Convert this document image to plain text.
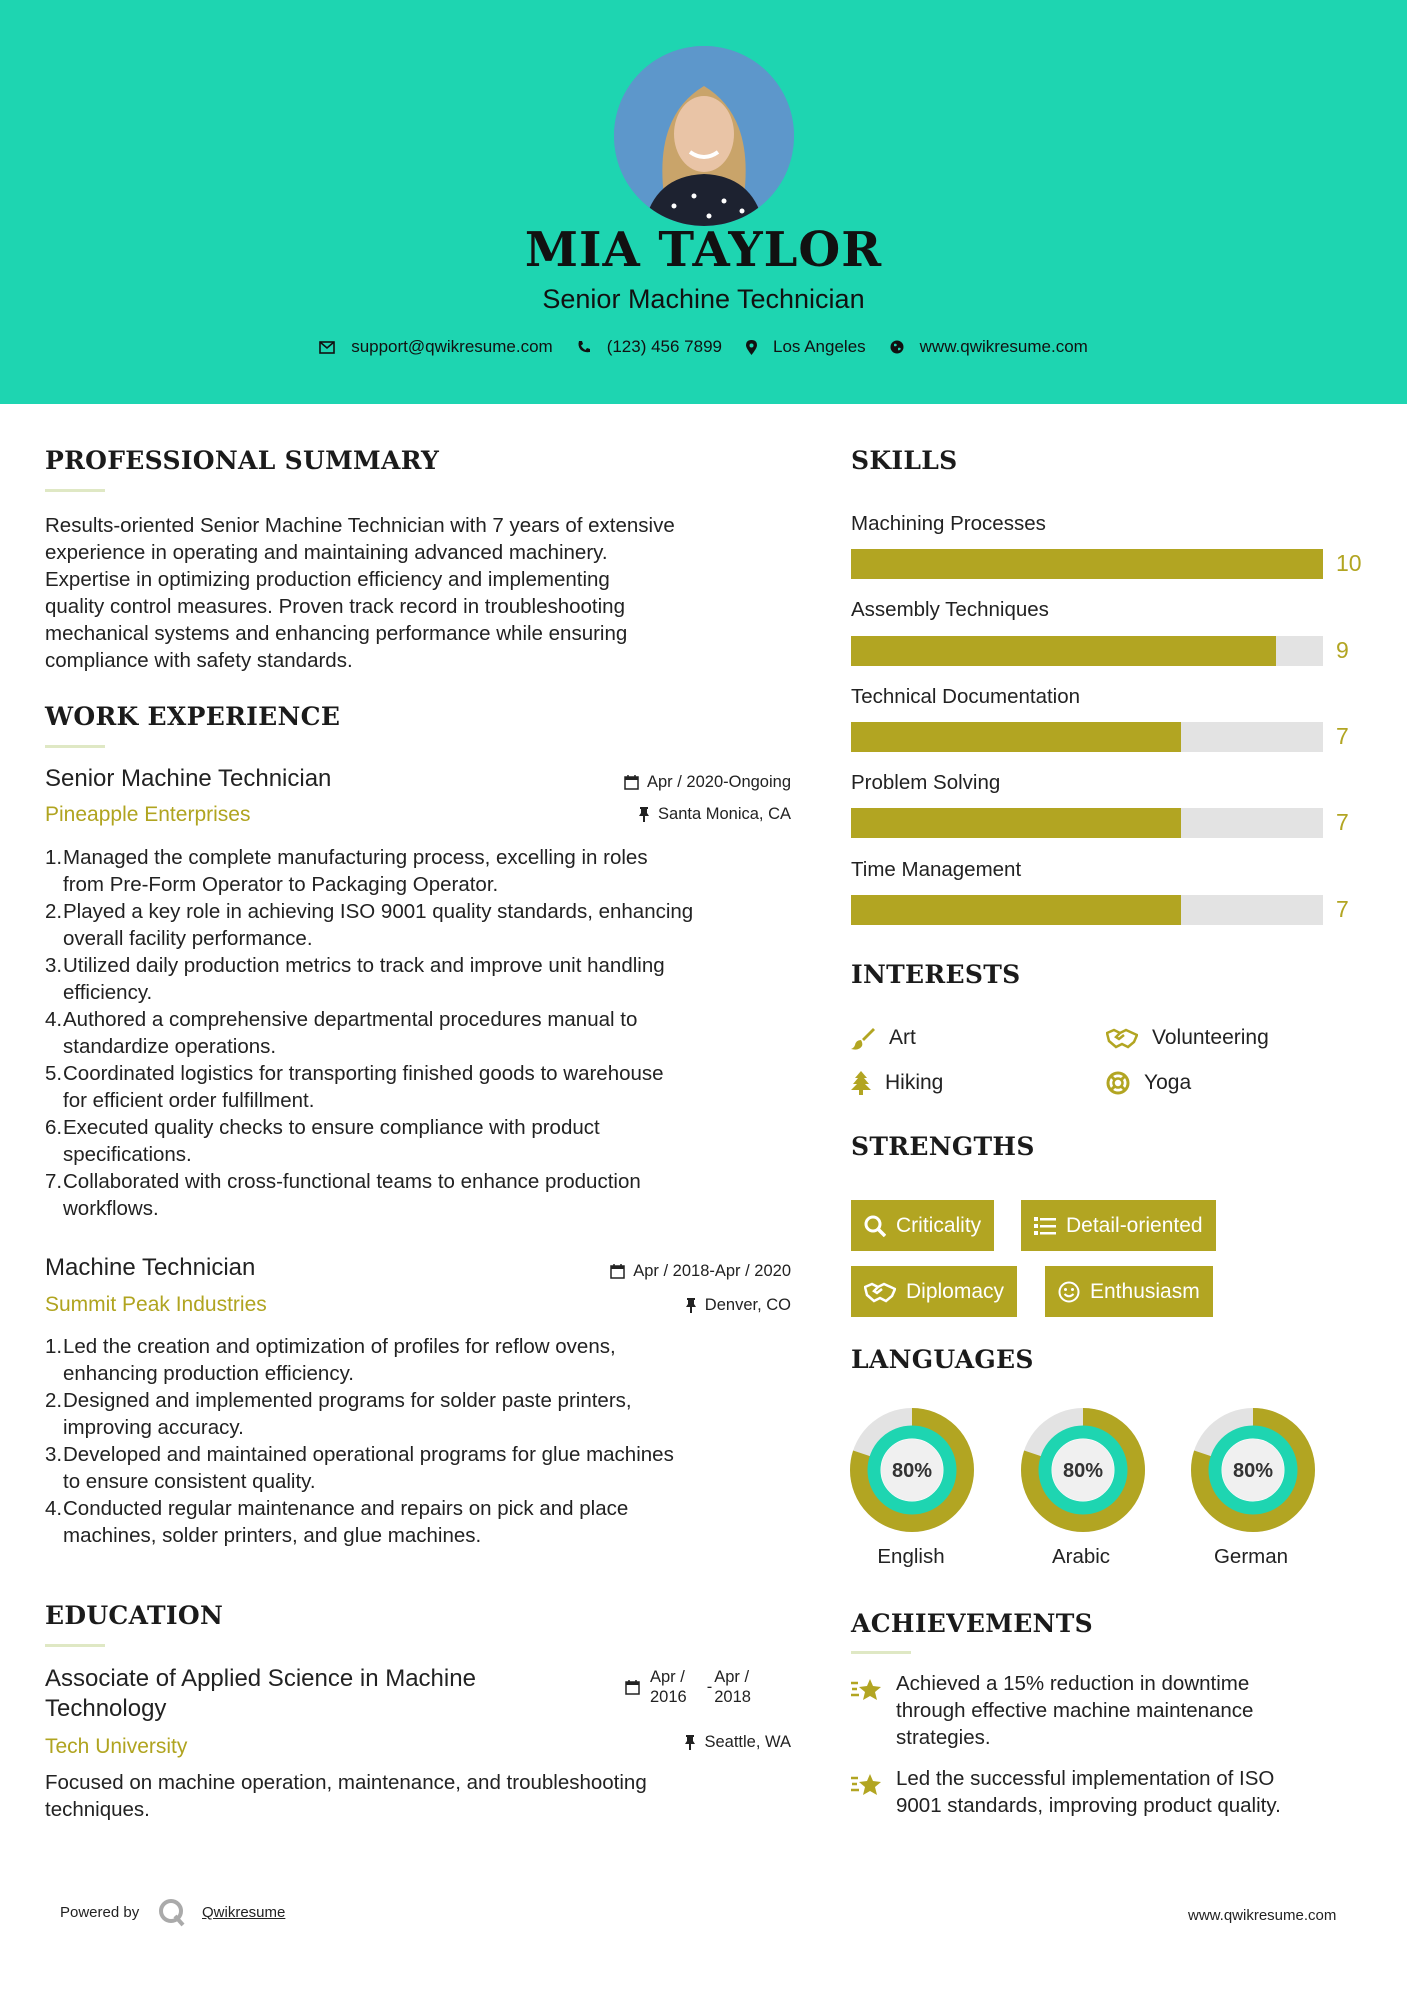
MIA TAYLOR
Senior Machine Technician
support@qwikresume.com	(123) 456 7899	Los Angeles	www.qwikresume.com
PROFESSIONAL SUMMARY
Results-oriented Senior Machine Technician with 7 years of extensive
experience in operating and maintaining advanced machinery.
Expertise in optimizing production efficiency and implementing
quality control measures. Proven track record in troubleshooting
mechanical systems and enhancing performance while ensuring
compliance with safety standards.
WORK EXPERIENCE
Senior Machine Technician
Pineapple Enterprises
Apr / 2020-Ongoing
Santa Monica, CA
1. Managed the complete manufacturing process, excelling in roles
from Pre-Form Operator to Packaging Operator.
2. Played a key role in achieving ISO 9001 quality standards, enhancing
overall facility performance.
3. Utilized daily production metrics to track and improve unit handling
efficiency.
4. Authored a comprehensive departmental procedures manual to
standardize operations.
5. Coordinated logistics for transporting finished goods to warehouse
for efficient order fulfillment.
6. Executed quality checks to ensure compliance with product
specifications.
7. Collaborated with cross-functional teams to enhance production
workflows.
Machine Technician
Summit Peak Industries
Apr / 2018-Apr / 2020
Denver, CO
1. Led the creation and optimization of profiles for reflow ovens,
enhancing production efficiency.
2. Designed and implemented programs for solder paste printers,
improving accuracy.
3. Developed and maintained operational programs for glue machines
to ensure consistent quality.
4. Conducted regular maintenance and repairs on pick and place
machines, solder printers, and glue machines.
EDUCATION
Associate of Applied Science in Machine
Technology
Tech University
Apr /
2016
-
Apr /
2018
Seattle, WA
Focused on machine operation, maintenance, and troubleshooting
techniques.
SKILLS
Machining Processes
10
Assembly Techniques
9
Technical Documentation
7
Problem Solving
7
Time Management
7
INTERESTS
Art	Volunteering
Hiking	Yoga
STRENGTHS
Criticality	Detail-oriented
Diplomacy	Enthusiasm
LANGUAGES
80%
English
80%
Arabic
80%
German
ACHIEVEMENTS
Achieved a 15% reduction in downtime
through effective machine maintenance
strategies.
Led the successful implementation of ISO
9001 standards, improving product quality.
Powered by	Qwikresume	www.qwikresume.com
